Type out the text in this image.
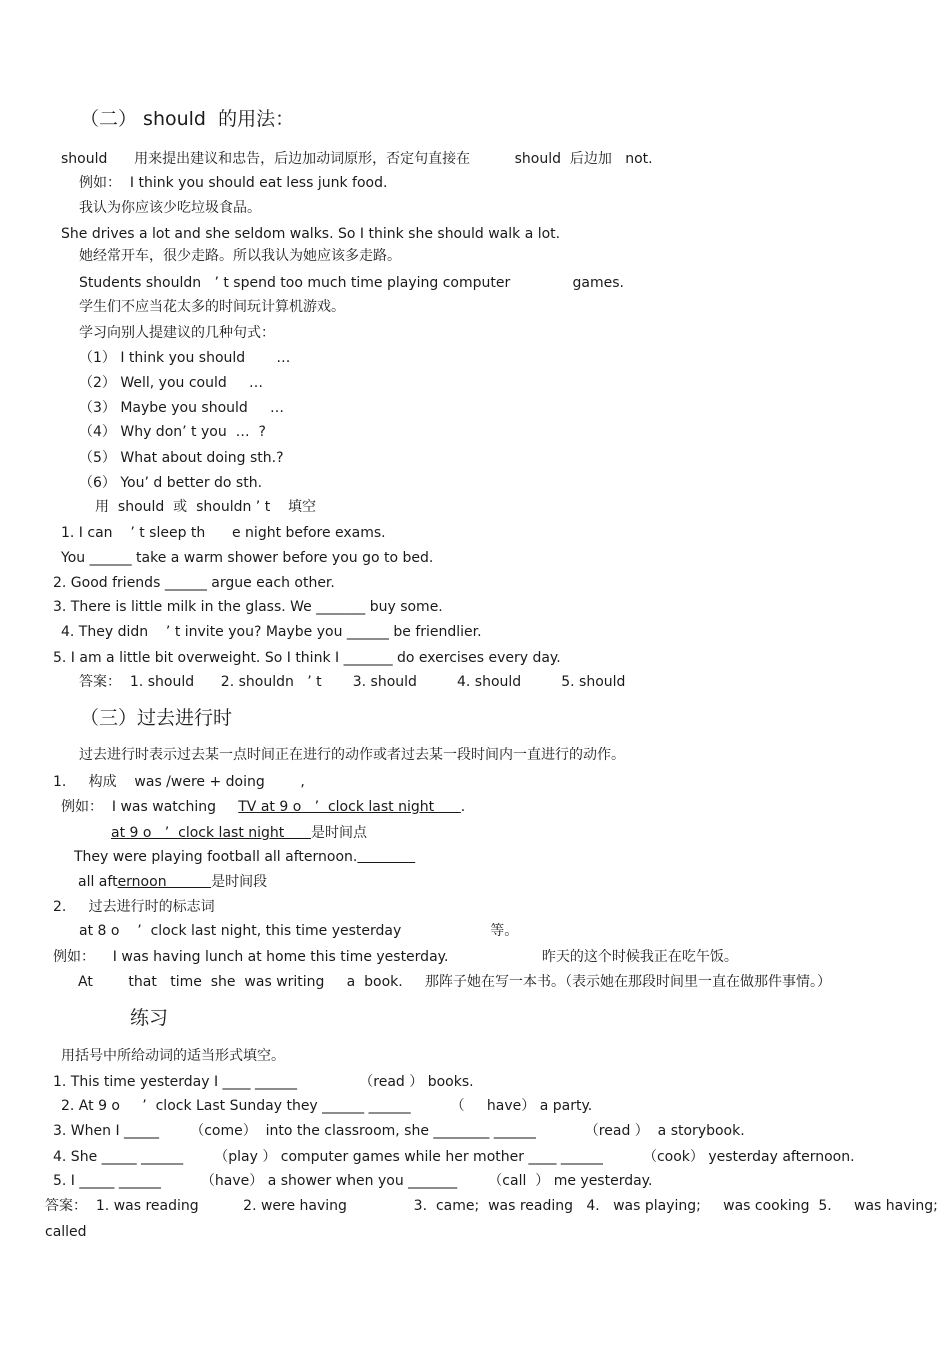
（二） should  的用法：
should      用来提出建议和忠告，后边加动词原形，否定句直接在          should  后边加   not.
例如：  I think you should eat less junk food.
我认为你应该少吃垃圾食品。
She drives a lot and she seldom walks. So I think she should walk a lot.
她经常开车，很少走路。所以我认为她应该多走路。
Students shouldn   ’ t spend too much time playing computer              games.
学生们不应当花太多的时间玩计算机游戏。
学习向别人提建议的几种句式：
（1） I think you should       …
（2） Well, you could     …
（3） Maybe you should     …
（4） Why don’ t you  …  ?
（5） What about doing sth.?
（6） You’ d better do sth.
用  should  或  shouldn ’ t    填空
1. I can    ’ t sleep th      e night before exams.
You ______ take a warm shower before you go to bed.
2. Good friends ______ argue each other.
3. There is little milk in the glass. We _______ buy some.
4. They didn    ’ t invite you? Maybe you ______ be friendlier.
5. I am a little bit overweight. So I think I _______ do exercises every day.
答案：  1. should      2. shouldn   ’ t       3. should         4. should         5. should
（三）过去进行时
过去进行时表示过去某一点时间正在进行的动作或者过去某一段时间内一直进行的动作。
1.     构成    was /were + doing        ,
例如：  I was watching     TV at 9 o   ’  clock last night      .
at 9 o   ’  clock last night      是时间点
They were playing football all afternoon.
all afternoon          是时间段
2.     过去进行时的标志词
at 8 o    ’  clock last night, this time yesterday                    等。
例如：    I was having lunch at home this time yesterday.                     昨天的这个时候我正在吃午饭。
At        that   time  she  was writing     a  book.     那阵子她在写一本书。（表示她在那段时间里一直在做那件事情。）
练习
用括号中所给动词的适当形式填空。
1. This time yesterday I ____ ______              （read ） books.
2. At 9 o     ’  clock Last Sunday they ______ ______         （     have） a party.
3. When I _____       （come）  into the classroom, she ________ ______           （read ）  a storybook.
4. She _____ ______       （play ） computer games while her mother ____ ______         （cook） yesterday afternoon.
5. I _____ ______         （have） a shower when you _______       （call  ） me yesterday.
答案：  1. was reading          2. were having               3.  came;  was reading   4.   was playing;     was cooking  5.     was having;
called
